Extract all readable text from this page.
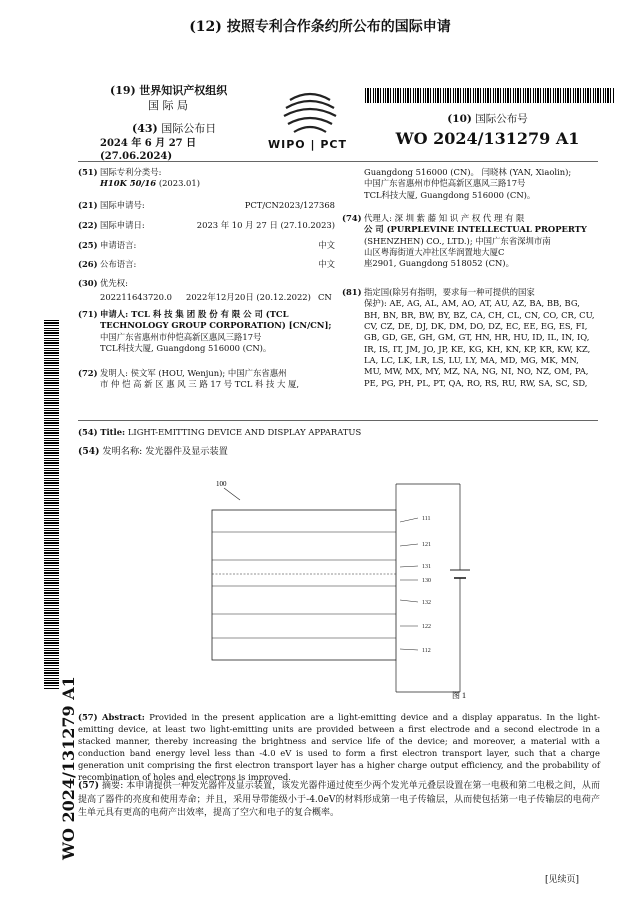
(12) 按照专利合作条约所公布的国际申请
(19) 世界知识产权组织
国 际 局
(43) 国际公布日
2024 年 6 月 27 日 (27.06.2024)
WIPO | PCT
(10) 国际公布号
WO 2024/131279 A1
(51) 国际专利分类号:
H10K 50/16 (2023.01)
(21) 国际申请号:	PCT/CN2023/127368
(22) 国际申请日:	2023 年 10 月 27 日 (27.10.2023)
(25) 申请语言:	中文
(26) 公布语言:	中文
(30) 优先权:
202211643720.0 2022年12月20日 (20.12.2022) CN
(71) 申请人: TCL 科 技 集 团 股 份 有 限 公 司 (TCL
TECHNOLOGY GROUP CORPORATION) [CN/CN];
中国广东省惠州市仲恺高新区惠风三路17号
TCL科技大厦, Guangdong 516000 (CN)。
(72) 发明人: 侯文军 (HOU, Wenjun); 中国广东省惠州
市 仲 恺 高 新 区 惠 风 三 路 17 号 TCL 科 技 大 厦,
Guangdong 516000 (CN)。 闫晓林 (YAN, Xiaolin);
中国广东省惠州市仲恺高新区惠风三路17号
TCL科技大厦, Guangdong 516000 (CN)。
(74) 代理人: 深 圳 紫 藤 知 识 产 权 代 理 有 限
公 司 (PURPLEVINE INTELLECTUAL PROPERTY
(SHENZHEN) CO., LTD.); 中国广东省深圳市南
山区粤海街道大冲社区华润置地大厦C
座2901, Guangdong 518052 (CN)。
(81) 指定国(除另有指明，要求每一种可提供的国家
保护): AE, AG, AL, AM, AO, AT, AU, AZ, BA, BB, BG,
BH, BN, BR, BW, BY, BZ, CA, CH, CL, CN, CO, CR, CU,
CV, CZ, DE, DJ, DK, DM, DO, DZ, EC, EE, EG, ES, FI,
GB, GD, GE, GH, GM, GT, HN, HR, HU, ID, IL, IN, IQ,
IR, IS, IT, JM, JO, JP, KE, KG, KH, KN, KP, KR, KW, KZ,
LA, LC, LK, LR, LS, LU, LY, MA, MD, MG, MK, MN,
MU, MW, MX, MY, MZ, NA, NG, NI, NO, NZ, OM, PA,
PE, PG, PH, PL, PT, QA, RO, RS, RU, RW, SA, SC, SD,
WO 2024/131279 A1
(54) Title: LIGHT-EMITTING DEVICE AND DISPLAY APPARATUS
(54) 发明名称: 发光器件及显示装置
100
111
121
131
130
132
122
112
图 1
(57) Abstract: Provided in the present application are a light-emitting device and a display apparatus. In the light-emitting device, at least two light-emitting units are provided between a first electrode and a second electrode in a stacked manner, thereby increasing the brightness and service life of the device; and moreover, a material with a conduction band energy level less than -4.0 eV is used to form a first electron transport layer, such that a charge generation unit comprising the first electron transport layer has a higher charge output efficiency, and the probability of recombination of holes and electrons is improved.
(57) 摘要: 本申请提供一种发光器件及显示装置，该发光器件通过使至少两个发光单元叠层设置在第一电极和第二电极之间，从而提高了器件的亮度和使用寿命；并且，采用导带能级小于-4.0eV的材料形成第一电子传输层，从而使包括第一电子传输层的电荷产生单元具有更高的电荷产出效率，提高了空穴和电子的复合概率。
[见续页]
